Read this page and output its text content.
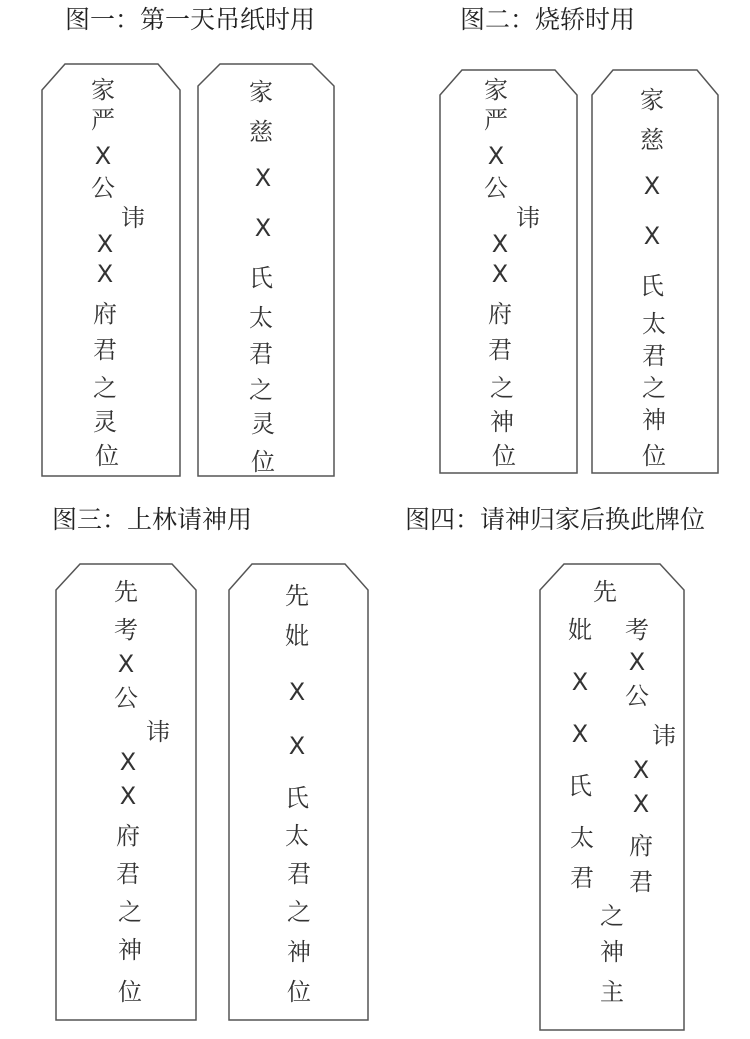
图一：第一天吊纸时用	图二：烧轿时用
图三：上林请神用	图四：请神归家后换此牌位
家
严
X
公
讳
X
X
府
君
之
灵
位
家
慈
X
X
氏
太
君
之
灵
位
家
严
X
公
讳
X
X
府
君
之
神
位
家
慈
X
X
氏
太
君
之
神
位
先
考
X
公
讳
X
X
府
君
之
神
位
先
妣
X
X
氏
太
君
之
神
位
先
妣
X
X
氏
太
君
考
X
公
讳
X
X
府
君
之
神
主
